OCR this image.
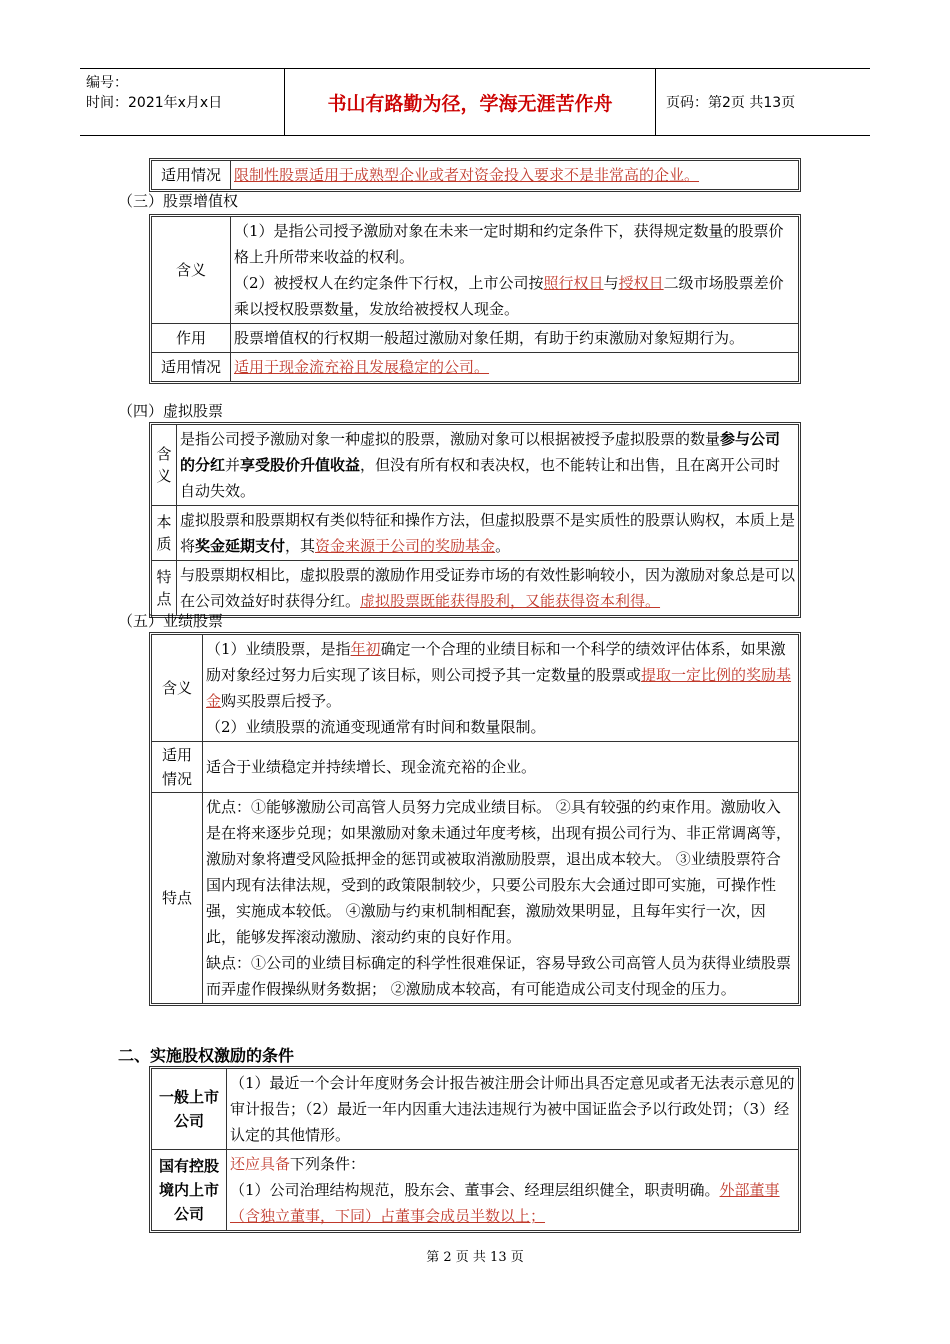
编号：
时间：2021年x月x日	书山有路勤为径，学海无涯苦作舟	页码：第2页 共13页
适用情况	限制性股票适用于成熟型企业或者对资金投入要求不是非常高的企业。
（三）股票增值权
含义	（1）是指公司授予激励对象在未来一定时期和约定条件下，获得规定数量的股票价格上升所带来收益的权利。
（2）被授权人在约定条件下行权，上市公司按照行权日与授权日二级市场股票差价乘以授权股票数量，发放给被授权人现金。

作用	股票增值权的行权期一般超过激励对象任期，有助于约束激励对象短期行为。
适用情况	适用于现金流充裕且发展稳定的公司。
（四）虚拟股票
含义	是指公司授予激励对象一种虚拟的股票，激励对象可以根据被授予虚拟股票的数量参与公司的分红并享受股价升值收益，但没有所有权和表决权，也不能转让和出售，且在离开公司时自动失效。
本质	虚拟股票和股票期权有类似特征和操作方法，但虚拟股票不是实质性的股票认购权，本质上是将奖金延期支付，其资金来源于公司的奖励基金。
特点	与股票期权相比，虚拟股票的激励作用受证券市场的有效性影响较小，因为激励对象总是可以在公司效益好时获得分红。虚拟股票既能获得股利，又能获得资本利得。
（五）业绩股票
含义	（1）业绩股票，是指年初确定一个合理的业绩目标和一个科学的绩效评估体系，如果激励对象经过努力后实现了该目标，则公司授予其一定数量的股票或提取一定比例的奖励基金购买股票后授予。
（2）业绩股票的流通变现通常有时间和数量限制。

适用情况	适合于业绩稳定并持续增长、现金流充裕的企业。
特点	优点：①能够激励公司高管人员努力完成业绩目标。 ②具有较强的约束作用。激励收入是在将来逐步兑现；如果激励对象未通过年度考核，出现有损公司行为、非正常调离等，激励对象将遭受风险抵押金的惩罚或被取消激励股票，退出成本较大。 ③业绩股票符合国内现有法律法规，受到的政策限制较少，只要公司股东大会通过即可实施，可操作性强，实施成本较低。 ④激励与约束机制相配套，激励效果明显，且每年实行一次，因此，能够发挥滚动激励、滚动约束的良好作用。
缺点：①公司的业绩目标确定的科学性很难保证，容易导致公司高管人员为获得业绩股票而弄虚作假操纵财务数据； ②激励成本较高，有可能造成公司支付现金的压力。
二、实施股权激励的条件
一般上市公司	（1）最近一个会计年度财务会计报告被注册会计师出具否定意见或者无法表示意见的审计报告；（2）最近一年内因重大违法违规行为被中国证监会予以行政处罚；（3）经认定的其他情形。
国有控股境内上市公司	还应具备下列条件：
（1）公司治理结构规范，股东会、董事会、经理层组织健全，职责明确。外部董事（含独立董事，下同）占董事会成员半数以上；
第 2 页 共 13 页
